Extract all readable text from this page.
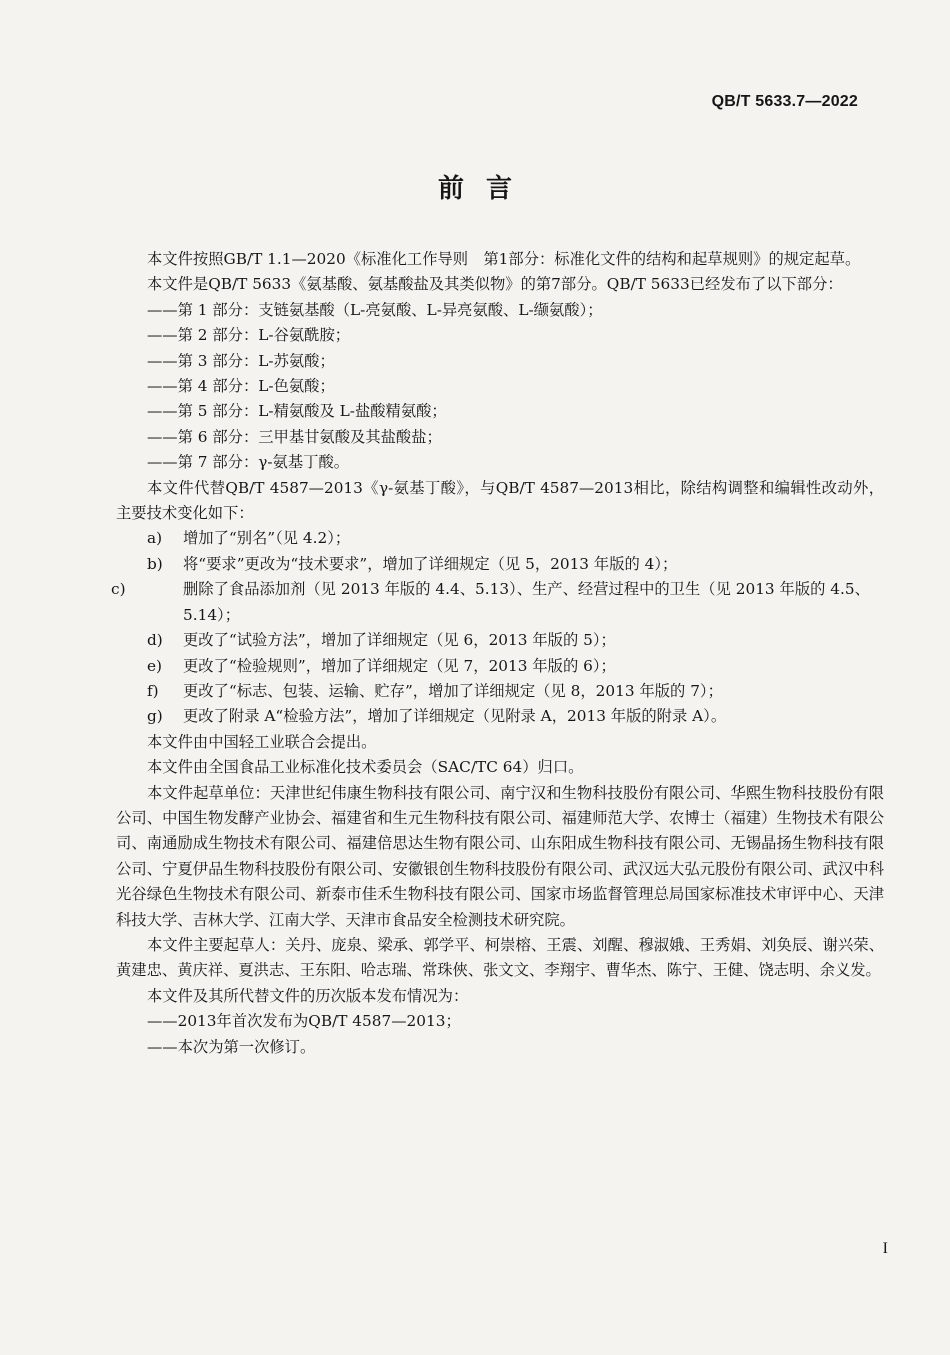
QB/T 5633.7—2022
前言

本文件按照GB/T 1.1—2020《标准化工作导则　第1部分：标准化文件的结构和起草规则》的规定起草。

本文件是QB/T 5633《氨基酸、氨基酸盐及其类似物》的第7部分。QB/T 5633已经发布了以下部分：

——第 1 部分：支链氨基酸（L-亮氨酸、L-异亮氨酸、L-缬氨酸）；

——第 2 部分：L-谷氨酰胺；

——第 3 部分：L-苏氨酸；

——第 4 部分：L-色氨酸；

——第 5 部分：L-精氨酸及 L-盐酸精氨酸；

——第 6 部分：三甲基甘氨酸及其盐酸盐；

——第 7 部分：γ-氨基丁酸。

本文件代替QB/T 4587—2013《γ-氨基丁酸》，与QB/T 4587—2013相比，除结构调整和编辑性改动外，主要技术变化如下：

a) 增加了“别名”（见 4.2）；

b) 将“要求”更改为“技术要求”，增加了详细规定（见 5，2013 年版的 4）；

c)	删除了食品添加剂（见 2013 年版的 4.4、5.13）、生产、经营过程中的卫生（见 2013 年版的 4.5、5.14）；

d) 更改了“试验方法”，增加了详细规定（见 6，2013 年版的 5）；

e) 更改了“检验规则”，增加了详细规定（见 7，2013 年版的 6）；

f) 更改了“标志、包装、运输、贮存”，增加了详细规定（见 8，2013 年版的 7）；

g) 更改了附录 A“检验方法”，增加了详细规定（见附录 A，2013 年版的附录 A）。

本文件由中国轻工业联合会提出。

本文件由全国食品工业标准化技术委员会（SAC/TC 64）归口。

本文件起草单位：天津世纪伟康生物科技有限公司、南宁汉和生物科技股份有限公司、华熙生物科技股份有限公司、中国生物发酵产业协会、福建省和生元生物科技有限公司、福建师范大学、农博士（福建）生物技术有限公司、南通励成生物技术有限公司、福建倍思达生物有限公司、山东阳成生物科技有限公司、无锡晶扬生物科技有限公司、宁夏伊品生物科技股份有限公司、安徽银创生物科技股份有限公司、武汉远大弘元股份有限公司、武汉中科光谷绿色生物技术有限公司、新泰市佳禾生物科技有限公司、国家市场监督管理总局国家标准技术审评中心、天津科技大学、吉林大学、江南大学、天津市食品安全检测技术研究院。

本文件主要起草人：关丹、庞泉、梁承、郭学平、柯崇榕、王震、刘醒、穆淑娥、王秀娟、刘奂辰、谢兴荣、黄建忠、黄庆祥、夏洪志、王东阳、哈志瑞、常珠俠、张文文、李翔宇、曹华杰、陈宁、王健、饶志明、余义发。

本文件及其所代替文件的历次版本发布情况为：

——2013年首次发布为QB/T 4587—2013；

——本次为第一次修订。

I
